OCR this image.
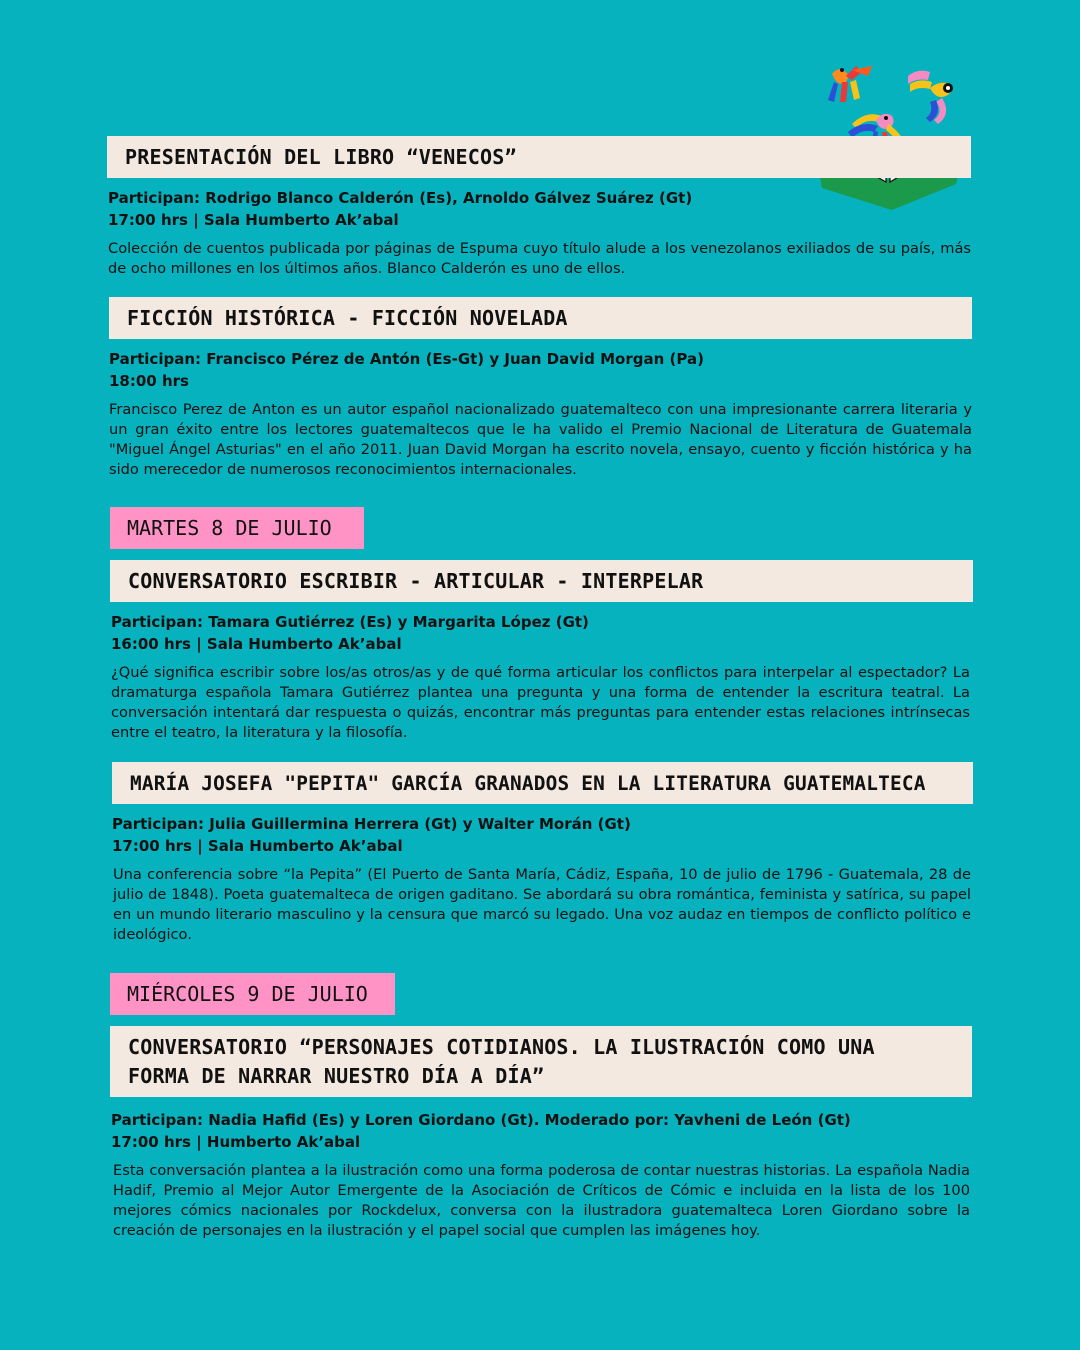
PRESENTACIÓN DEL LIBRO “VENECOS”
Participan: Rodrigo Blanco Calderón (Es), Arnoldo Gálvez Suárez (Gt)
17:00 hrs | Sala Humberto Ak’abal

Colección de cuentos publicada por páginas de Espuma cuyo título alude a los venezolanos exiliados de su país, más de ocho millones en los últimos años. Blanco Calderón es uno de ellos.

FICCIÓN HISTÓRICA - FICCIÓN NOVELADA
Participan: Francisco Pérez de Antón (Es-Gt) y Juan David Morgan (Pa)
18:00 hrs

Francisco Perez de Anton es un autor español nacionalizado guatemalteco con una impresionante carrera literaria y un gran éxito entre los lectores guatemaltecos que le ha valido el Premio Nacional de Literatura de Guatemala "Miguel Ángel Asturias" en el año 2011. Juan David Morgan ha escrito novela, ensayo, cuento y ficción histórica y ha sido merecedor de numerosos reconocimientos internacionales.

MARTES 8 DE JULIO
CONVERSATORIO ESCRIBIR - ARTICULAR - INTERPELAR
Participan: Tamara Gutiérrez (Es) y Margarita López (Gt)
16:00 hrs | Sala Humberto Ak’abal

¿Qué significa escribir sobre los/as otros/as y de qué forma articular los conflictos para interpelar al espectador? La dramaturga española Tamara Gutiérrez plantea una pregunta y una forma de entender la escritura teatral. La conversación intentará dar respuesta o quizás, encontrar más preguntas para entender estas relaciones intrínsecas entre el teatro, la literatura y la filosofía.

MARÍA JOSEFA "PEPITA" GARCÍA GRANADOS EN LA LITERATURA GUATEMALTECA
Participan: Julia Guillermina Herrera (Gt) y Walter Morán (Gt)
17:00 hrs | Sala Humberto Ak’abal

Una conferencia sobre “la Pepita” (El Puerto de Santa María, Cádiz, España, 10 de julio de 1796 - Guatemala, 28 de julio de 1848). Poeta guatemalteca de origen gaditano. Se abordará su obra romántica, feminista y satírica, su papel en un mundo literario masculino y la censura que marcó su legado. Una voz audaz en tiempos de conflicto político e ideológico.

MIÉRCOLES 9 DE JULIO
CONVERSATORIO “PERSONAJES COTIDIANOS. LA ILUSTRACIÓN COMO UNA
FORMA DE NARRAR NUESTRO DÍA A DÍA”
Participan: Nadia Hafid (Es) y Loren Giordano (Gt). Moderado por: Yavheni de León (Gt)
17:00 hrs | Humberto Ak’abal

Esta conversación plantea a la ilustración como una forma poderosa de contar nuestras historias. La española Nadia Hadif, Premio al Mejor Autor Emergente de la Asociación de Críticos de Cómic e incluida en la lista de los 100 mejores cómics nacionales por Rockdelux, conversa con la ilustradora guatemalteca Loren Giordano sobre la creación de personajes en la ilustración y el papel social que cumplen las imágenes hoy.
